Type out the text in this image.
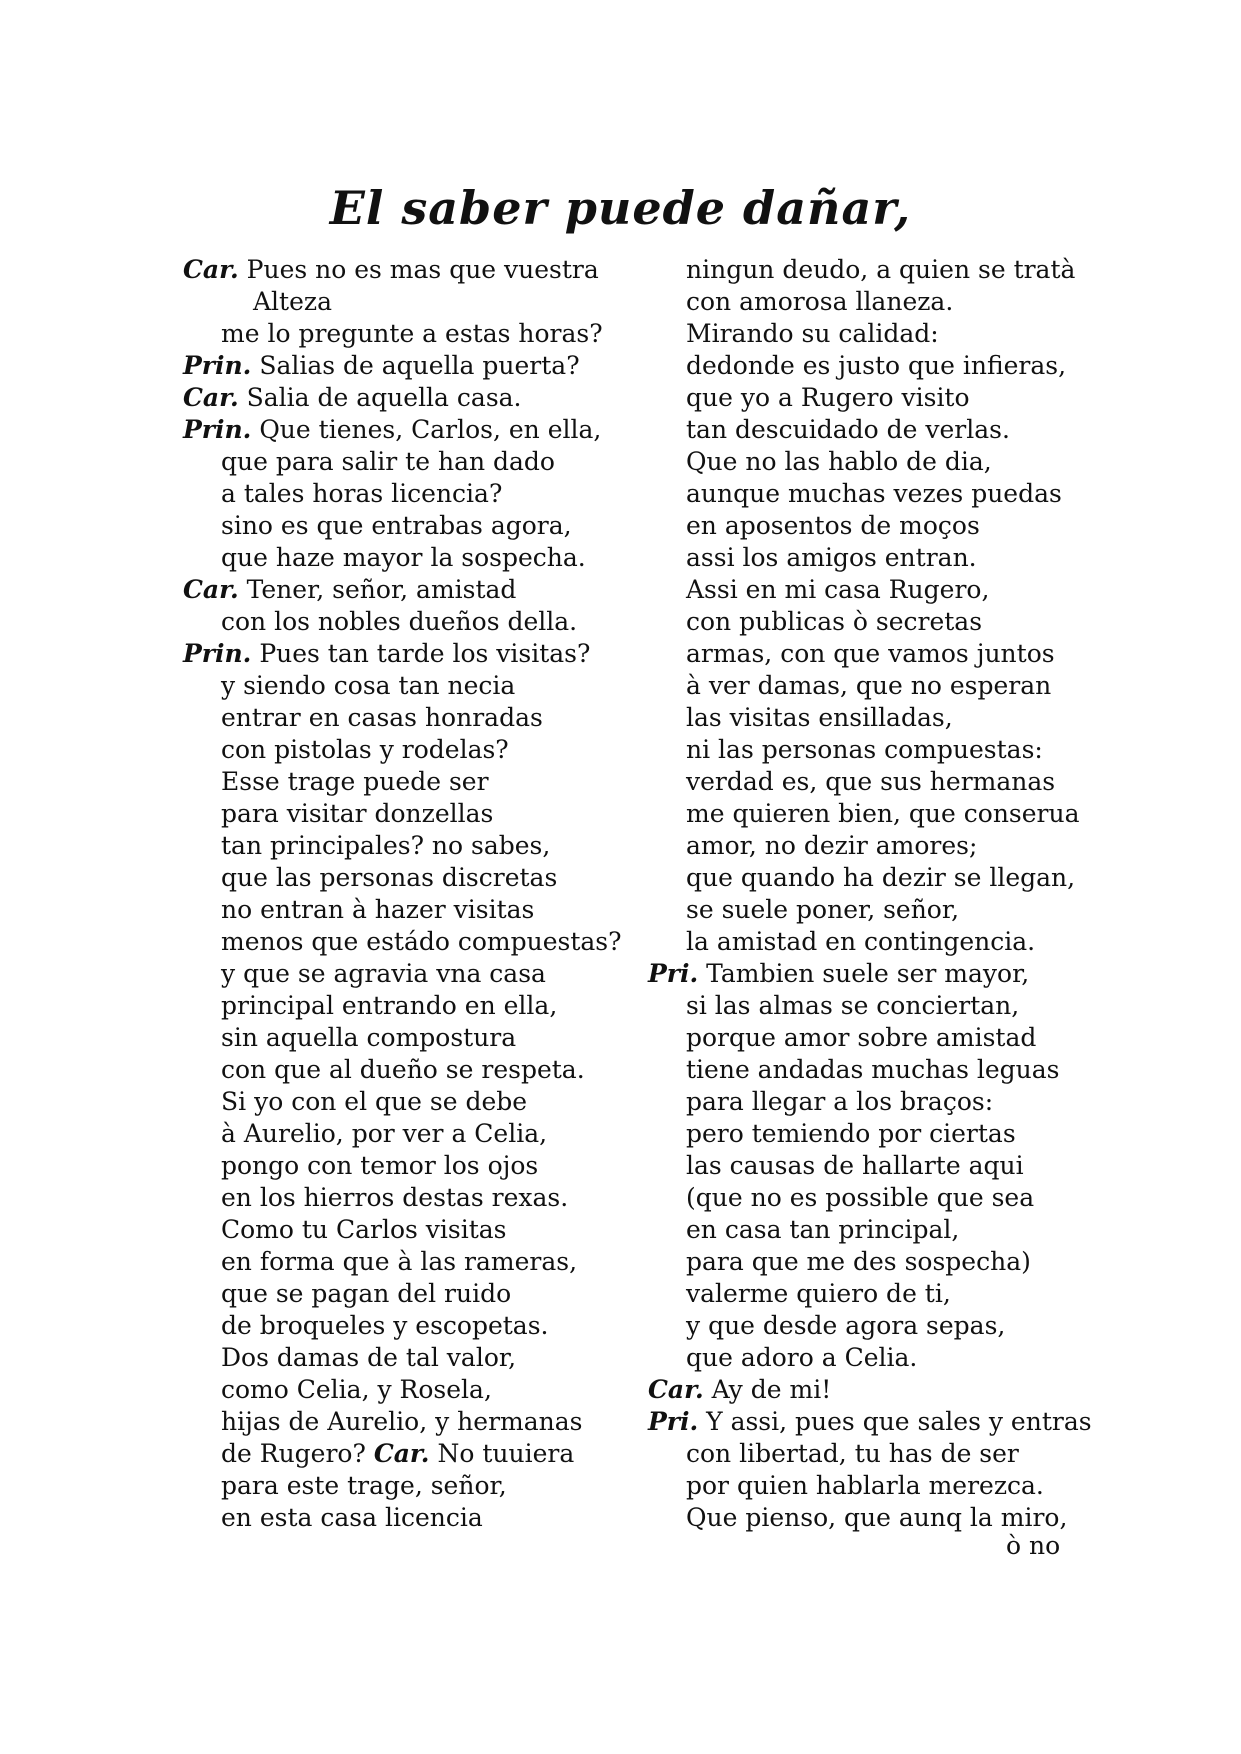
El saber puede dañar,
Car. Pues no es mas que vuestra
Alteza
me lo pregunte a estas horas?
Prin. Salias de aquella puerta?
Car. Salia de aquella casa.
Prin. Que tienes, Carlos, en ella,
que para salir te han dado
a tales horas licencia?
sino es que entrabas agora,
que haze mayor la sospecha.
Car. Tener, señor, amistad
con los nobles dueños della.
Prin. Pues tan tarde los visitas?
y siendo cosa tan necia
entrar en casas honradas
con pistolas y rodelas?
Esse trage puede ser
para visitar donzellas
tan principales? no sabes,
que las personas discretas
no entran à hazer visitas
menos que estádo compuestas?
y que se agravia vna casa
principal entrando en ella,
sin aquella compostura
con que al dueño se respeta.
Si yo con el que se debe
à Aurelio, por ver a Celia,
pongo con temor los ojos
en los hierros destas rexas.
Como tu Carlos visitas
en forma que à las rameras,
que se pagan del ruido
de broqueles y escopetas.
Dos damas de tal valor,
como Celia, y Rosela,
hijas de Aurelio, y hermanas
de Rugero? Car. No tuuiera
para este trage, señor,
en esta casa licencia
ningun deudo, a quien se tratà
con amorosa llaneza.
Mirando su calidad:
dedonde es justo que infieras,
que yo a Rugero visito
tan descuidado de verlas.
Que no las hablo de dia,
aunque muchas vezes puedas
en aposentos de moços
assi los amigos entran.
Assi en mi casa Rugero,
con publicas ò secretas
armas, con que vamos juntos
à ver damas, que no esperan
las visitas ensilladas,
ni las personas compuestas:
verdad es, que sus hermanas
me quieren bien, que conserua
amor, no dezir amores;
que quando ha dezir se llegan,
se suele poner, señor,
la amistad en contingencia.
Pri. Tambien suele ser mayor,
si las almas se conciertan,
porque amor sobre amistad
tiene andadas muchas leguas
para llegar a los braços:
pero temiendo por ciertas
las causas de hallarte aqui
(que no es possible que sea
en casa tan principal,
para que me des sospecha)
valerme quiero de ti,
y que desde agora sepas,
que adoro a Celia.
Car. Ay de mi!
Pri. Y assi, pues que sales y entras
con libertad, tu has de ser
por quien hablarla merezca.
Que pienso, que aunq la miro,
ò no
